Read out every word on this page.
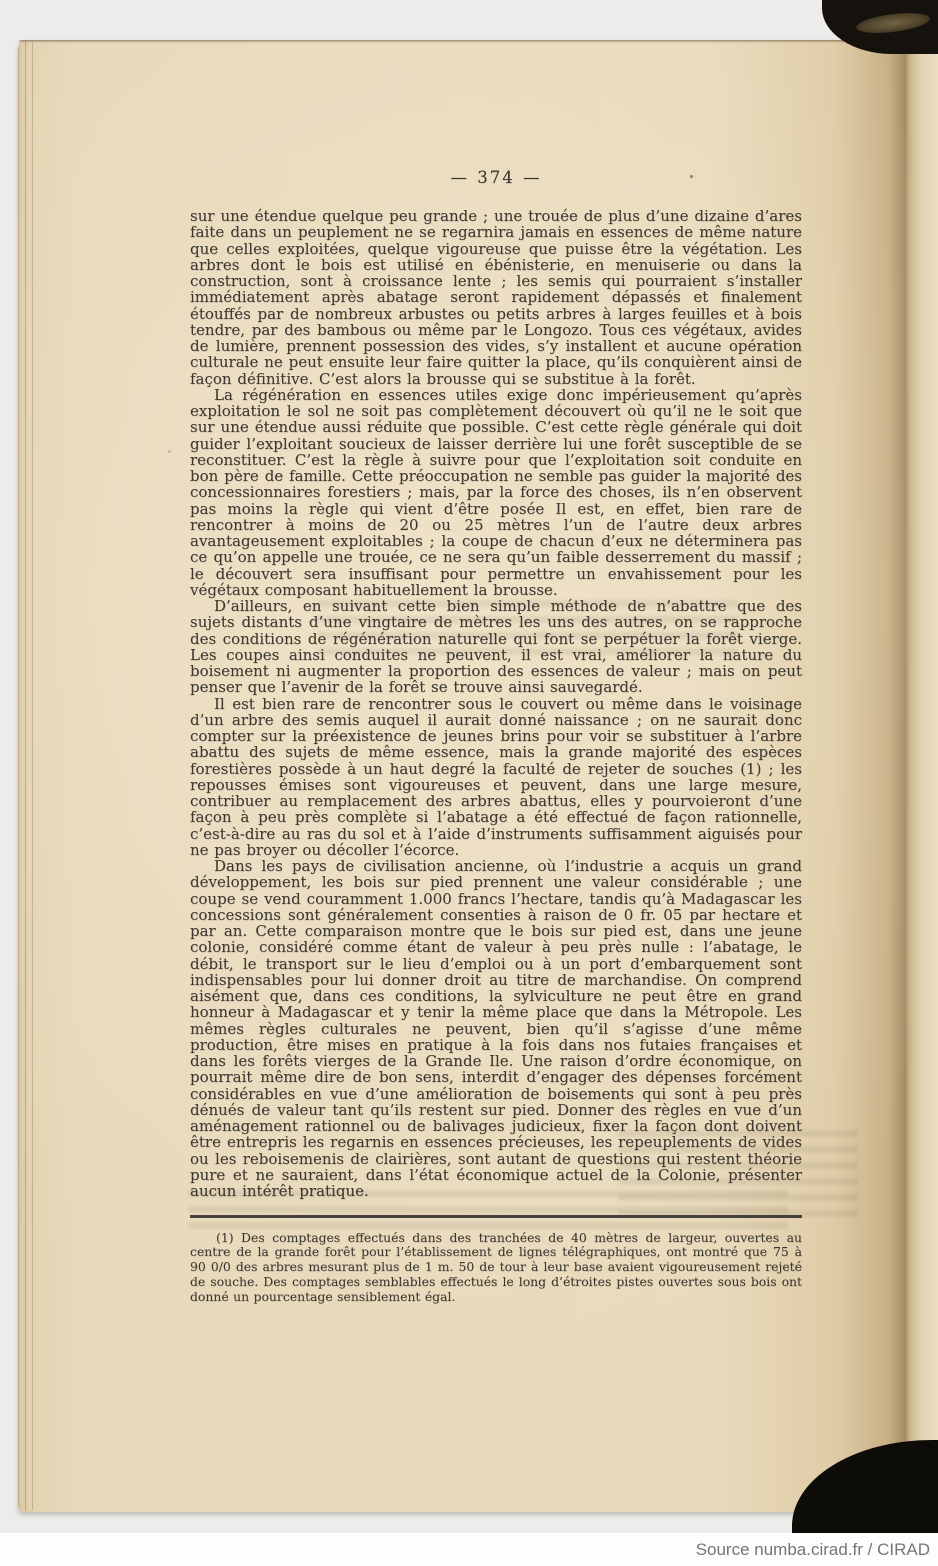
— 374 —

sur une étendue quelque peu grande ; une trouée de plus d’une dizaine d’ares faite dans un peuplement ne se regarnira jamais en essences de même nature que celles exploitées, quelque vigoureuse que puisse être la végétation. Les arbres dont le bois est utilisé en ébénisterie, en menuiserie ou dans la construction, sont à croissance lente ; les semis qui pourraient s’installer immédiatement après abatage seront rapidement dépassés et finalement étouffés par de nombreux arbustes ou petits arbres à larges feuilles et à bois tendre, par des bambous ou même par le Longozo. Tous ces végétaux, avides de lumière, prennent possession des vides, s’y installent et aucune opération culturale ne peut ensuite leur faire quitter la place, qu’ils conquièrent ainsi de façon définitive. C’est alors la brousse qui se substitue à la forêt.

La régénération en essences utiles exige donc impérieusement qu’après exploitation le sol ne soit pas complètement découvert où qu’il ne le soit que sur une étendue aussi réduite que possible. C’est cette règle générale qui doit guider l’exploitant soucieux de laisser derrière lui une forêt susceptible de se reconstituer. C’est la règle à suivre pour que l’exploitation soit conduite en bon père de famille. Cette préoccupation ne semble pas guider la majorité des concessionnaires forestiers ; mais, par la force des choses, ils n’en observent pas moins la règle qui vient d’être posée Il est, en effet, bien rare de rencontrer à moins de 20 ou 25 mètres l’un de l’autre deux arbres avantageusement exploitables ; la coupe de chacun d’eux ne déterminera pas ce qu’on appelle une trouée, ce ne sera qu’un faible desserrement du massif ; le découvert sera insuffisant pour permettre un envahissement pour les végétaux composant habituellement la brousse.

D’ailleurs, en suivant cette bien simple méthode de n’abattre que des sujets distants d’une vingtaire de mètres les uns des autres, on se rapproche des conditions de régénération naturelle qui font se perpétuer la forêt vierge. Les coupes ainsi conduites ne peuvent, il est vrai, améliorer la nature du boisement ni augmenter la proportion des essences de valeur ; mais on peut penser que l’avenir de la forêt se trouve ainsi sauvegardé.

Il est bien rare de rencontrer sous le couvert ou même dans le voisinage d’un arbre des semis auquel il aurait donné naissance ; on ne saurait donc compter sur la préexistence de jeunes brins pour voir se substituer à l’arbre abattu des sujets de même essence, mais la grande majorité des espèces forestières possède à un haut degré la faculté de rejeter de souches (1) ; les repousses émises sont vigoureuses et peuvent, dans une large mesure, contribuer au remplacement des arbres abattus, elles y pourvoieront d’une façon à peu près complète si l’abatage a été effectué de façon rationnelle, c’est-à-dire au ras du sol et à l’aide d’instruments suffisamment aiguisés pour ne pas broyer ou décoller l’écorce.

Dans les pays de civilisation ancienne, où l’industrie a acquis un grand développement, les bois sur pied prennent une valeur considérable ; une coupe se vend couramment 1.000 francs l’hectare, tandis qu’à Madagascar les concessions sont généralement consenties à raison de 0 fr. 05 par hectare et par an. Cette comparaison montre que le bois sur pied est, dans une jeune colonie, considéré comme étant de valeur à peu près nulle : l’abatage, le débit, le transport sur le lieu d’emploi ou à un port d’embarquement sont indispensables pour lui donner droit au titre de marchandise. On comprend aisément que, dans ces conditions, la sylviculture ne peut être en grand honneur à Madagascar et y tenir la même place que dans la Métropole. Les mêmes règles culturales ne peuvent, bien qu’il s’agisse d’une même production, être mises en pratique à la fois dans nos futaies françaises et dans les forêts vierges de la Grande Ile. Une raison d’ordre économique, on pourrait même dire de bon sens, interdit d’engager des dépenses forcément considérables en vue d’une amélioration de boisements qui sont à peu près dénués de valeur tant qu’ils restent sur pied. Donner des règles en vue d’un aménagement rationnel ou de balivages judicieux, fixer la façon dont doivent être entrepris les regarnis en essences précieuses, les repeuplements de vides ou les reboisemenis de clairières, sont autant de questions qui restent théorie pure et ne sauraient, dans l’état économique actuel de la Colonie, présenter aucun intérêt pratique.

(1) Des comptages effectués dans des tranchées de 40 mètres de largeur, ouvertes au centre de la grande forêt pour l’établissement de lignes télégraphiques, ont montré que 75 à 90 0/0 des arbres mesurant plus de 1 m. 50 de tour à leur base avaient vigoureusement rejeté de souche. Des comptages semblables effectués le long d’étroites pistes ouvertes sous bois ont donné un pourcentage sensiblement égal.

Source numba.cirad.fr / CIRAD
